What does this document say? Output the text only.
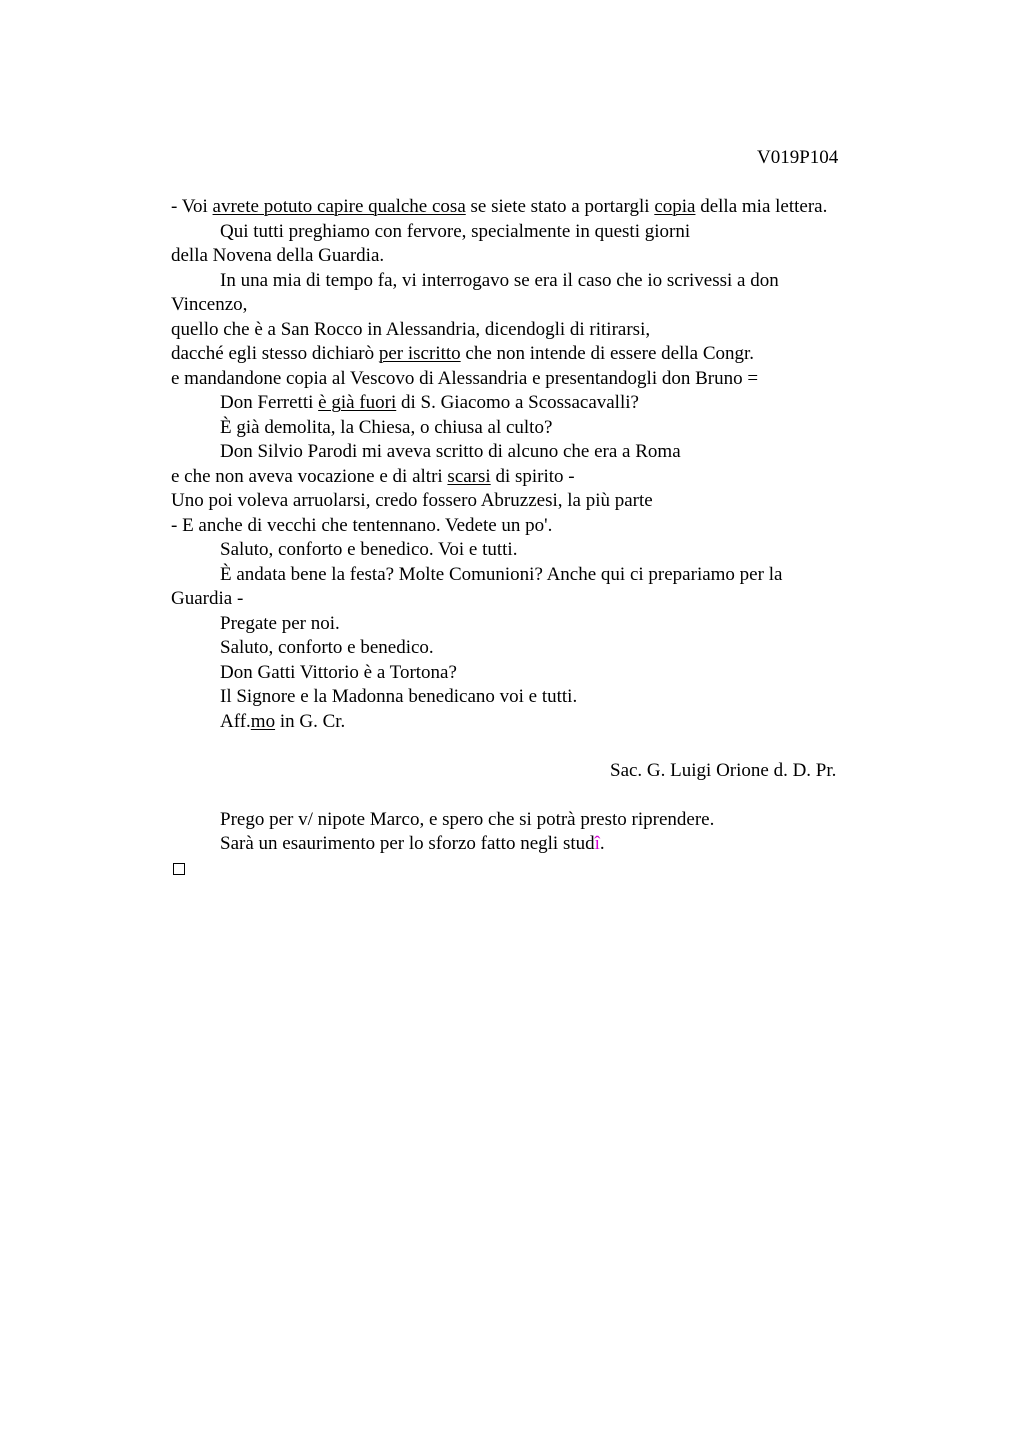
V019P104
- Voi avrete potuto capire qualche cosa se siete stato a portargli copia della mia lettera.
Qui tutti preghiamo con fervore, specialmente in questi giorni
della Novena della Guardia.
In una mia di tempo fa, vi interrogavo se era il caso che io scrivessi a don
Vincenzo,
quello che è a San Rocco in Alessandria, dicendogli di ritirarsi,
dacché egli stesso dichiarò per iscritto che non intende di essere della Congr.
e mandandone copia al Vescovo di Alessandria e presentandogli don Bruno =
Don Ferretti è già fuori di S. Giacomo a Scossacavalli?
È già demolita, la Chiesa, o chiusa al culto?
Don Silvio Parodi mi aveva scritto di alcuno che era a Roma
e che non aveva vocazione e di altri scarsi di spirito -
Uno poi voleva arruolarsi, credo fossero Abruzzesi, la più parte
- E anche di vecchi che tentennano. Vedete un po'.
Saluto, conforto e benedico. Voi e tutti.
È andata bene la festa? Molte Comunioni? Anche qui ci prepariamo per la
Guardia -
Pregate per noi.
Saluto, conforto e benedico.
Don Gatti Vittorio è a Tortona?
Il Signore e la Madonna benedicano voi e tutti.
Aff.mo in G. Cr.
Sac. G. Luigi Orione d. D. Pr.
Prego per v/ nipote Marco, e spero che si potrà presto riprendere.
Sarà un esaurimento per lo sforzo fatto negli studî.
